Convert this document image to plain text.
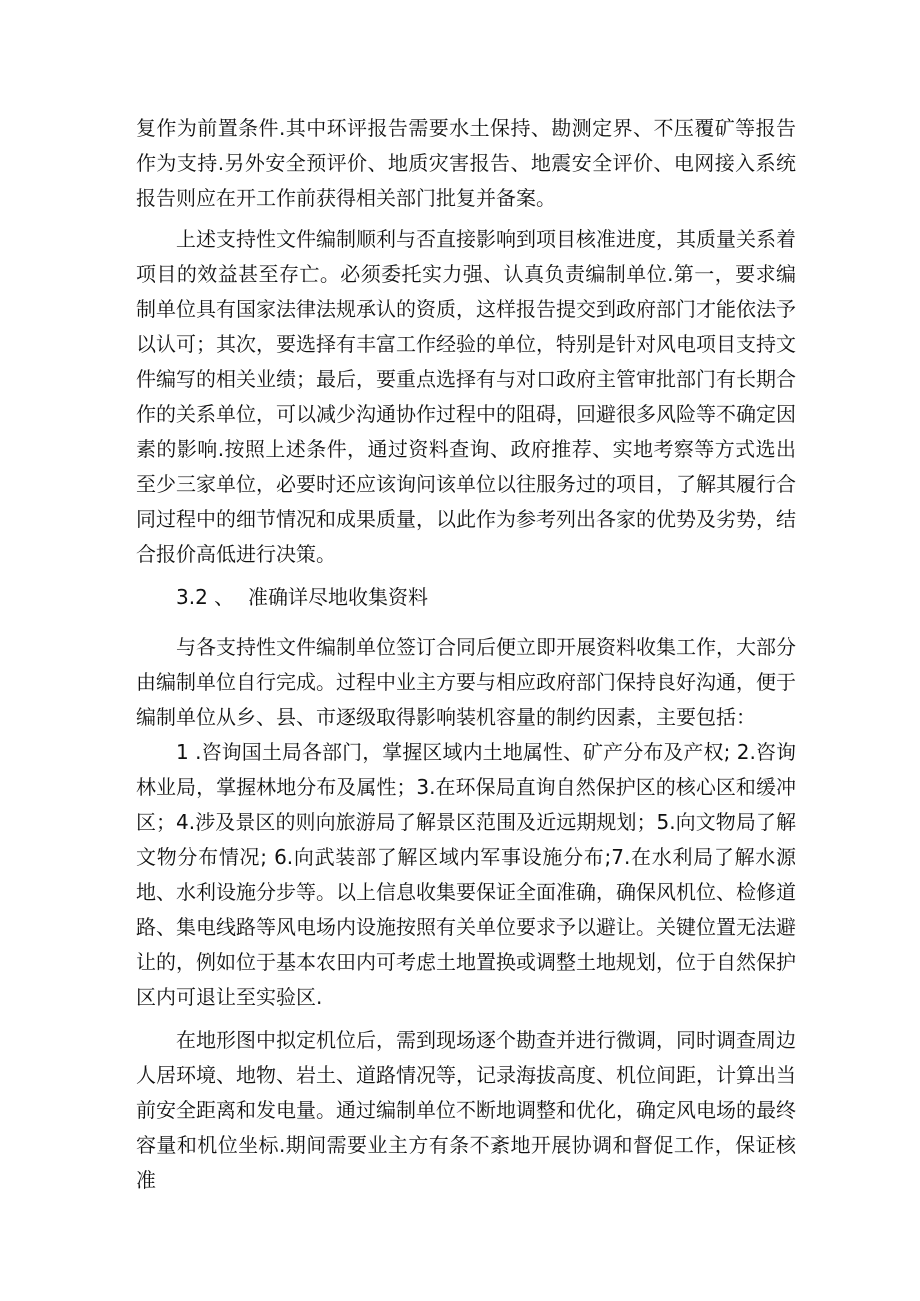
复作为前置条件.其中环评报告需要水土保持、勘测定界、不压覆矿等报告作为支持.另外安全预评价、地质灾害报告、地震安全评价、电网接入系统报告则应在开工作前获得相关部门批复并备案。

上述支持性文件编制顺利与否直接影响到项目核准进度，其质量关系着项目的效益甚至存亡。必须委托实力强、认真负责编制单位.第一，要求编制单位具有国家法律法规承认的资质，这样报告提交到政府部门才能依法予以认可；其次，要选择有丰富工作经验的单位，特别是针对风电项目支持文件编写的相关业绩；最后，要重点选择有与对口政府主管审批部门有长期合作的关系单位，可以减少沟通协作过程中的阻碍，回避很多风险等不确定因素的影响.按照上述条件，通过资料查询、政府推荐、实地考察等方式选出至少三家单位，必要时还应该询问该单位以往服务过的项目，了解其履行合同过程中的细节情况和成果质量，以此作为参考列出各家的优势及劣势，结合报价高低进行决策。

3.2 、 准确详尽地收集资料

与各支持性文件编制单位签订合同后便立即开展资料收集工作，大部分由编制单位自行完成。过程中业主方要与相应政府部门保持良好沟通，便于编制单位从乡、县、市逐级取得影响装机容量的制约因素，主要包括：

1 .咨询国土局各部门，掌握区域内土地属性、矿产分布及产权; 2.咨询林业局，掌握林地分布及属性；3.在环保局直询自然保护区的核心区和缓冲区；4.涉及景区的则向旅游局了解景区范围及近远期规划；5.向文物局了解文物分布情况; 6.向武装部了解区域内军事设施分布;7.在水利局了解水源地、水利设施分步等。以上信息收集要保证全面准确，确保风机位、检修道路、集电线路等风电场内设施按照有关单位要求予以避让。关键位置无法避让的，例如位于基本农田内可考虑土地置换或调整土地规划，位于自然保护区内可退让至实验区.

在地形图中拟定机位后，需到现场逐个勘查并进行微调，同时调查周边人居环境、地物、岩土、道路情况等，记录海拔高度、机位间距，计算出当前安全距离和发电量。通过编制单位不断地调整和优化，确定风电场的最终容量和机位坐标.期间需要业主方有条不紊地开展协调和督促工作，保证核准
